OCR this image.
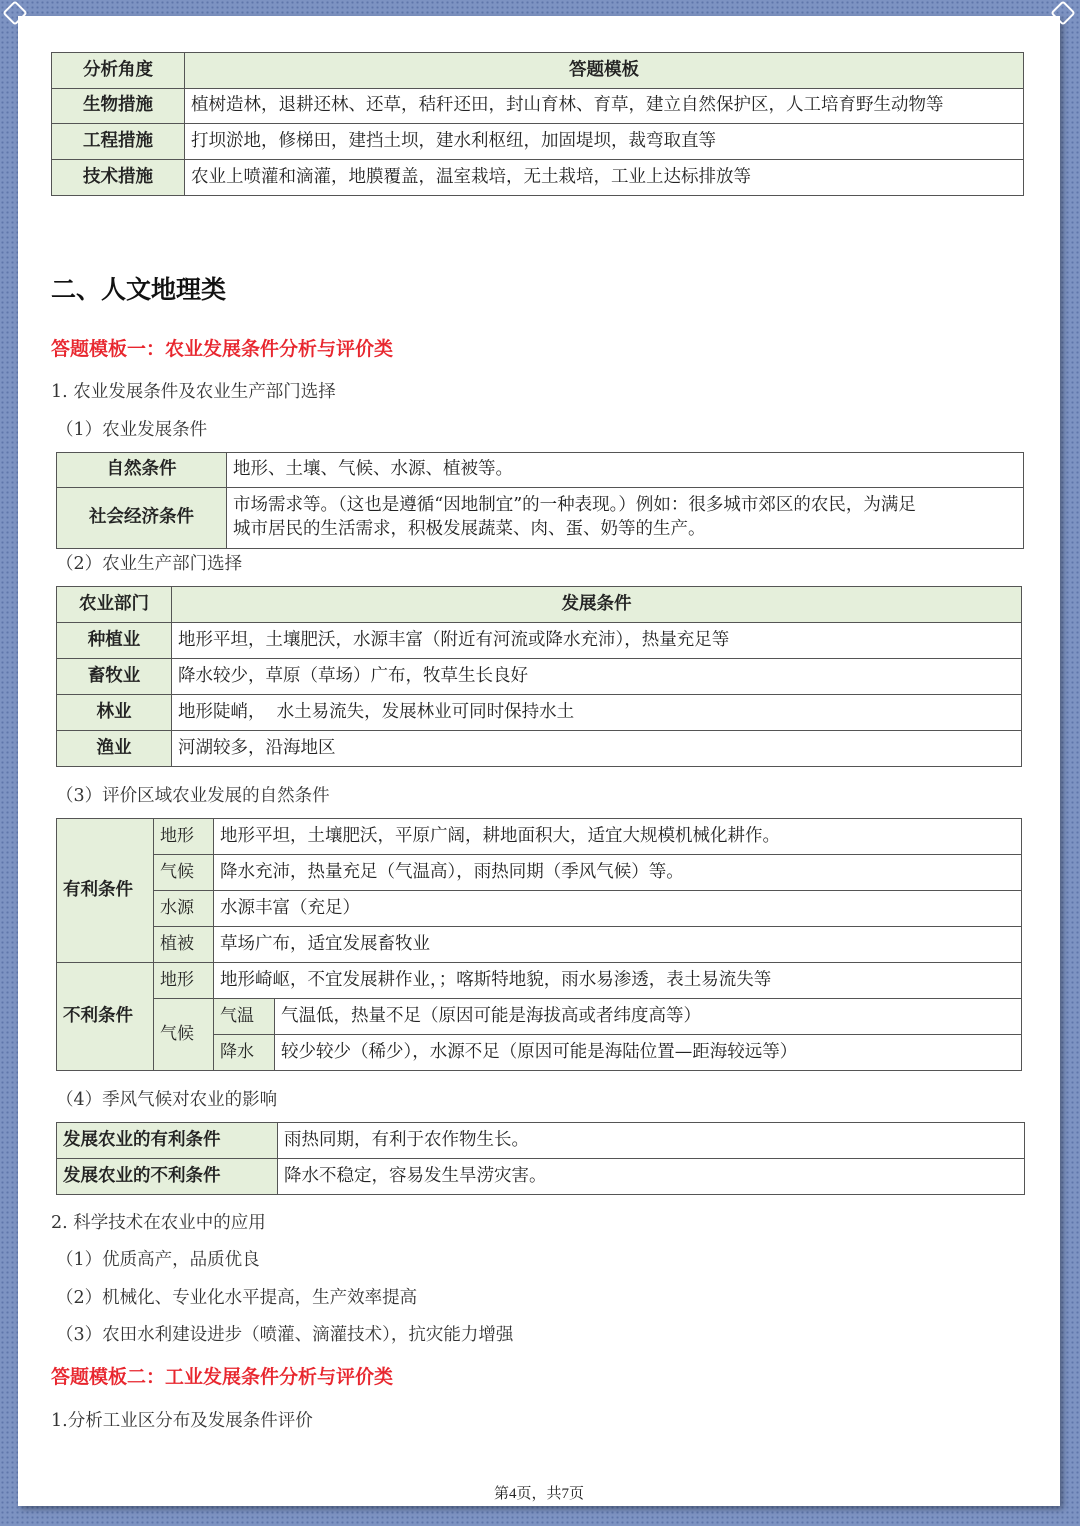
分析角度	答题模板
生物措施	植树造林，退耕还林、还草，秸秆还田，封山育林、育草，建立自然保护区，人工培育野生动物等
工程措施	打坝淤地，修梯田，建挡土坝，建水利枢纽，加固堤坝，裁弯取直等
技术措施	农业上喷灌和滴灌，地膜覆盖，温室栽培，无土栽培，工业上达标排放等
二、人文地理类
答题模板一：农业发展条件分析与评价类
1. 农业发展条件及农业生产部门选择
（1）农业发展条件
自然条件	地形、土壤、气候、水源、植被等。
社会经济条件	市场需求等。（这也是遵循“因地制宜”的一种表现。）例如：很多城市郊区的农民，为满足
城市居民的生活需求，积极发展蔬菜、肉、蛋、奶等的生产。
（2）农业生产部门选择
农业部门	发展条件
种植业	地形平坦，土壤肥沃，水源丰富（附近有河流或降水充沛），热量充足等
畜牧业	降水较少，草原（草场）广布，牧草生长良好
林业	地形陡峭，  水土易流失，发展林业可同时保持水土
渔业	河湖较多，沿海地区
（3）评价区域农业发展的自然条件
有利条件	地形	地形平坦，土壤肥沃，平原广阔，耕地面积大，适宜大规模机械化耕作。	
	气候	降水充沛，热量充足（气温高），雨热同期（季风气候）等。	
	水源	水源丰富（充足）	
	植被	草场广布，适宜发展畜牧业	
不利条件	地形	地形崎岖，不宜发展耕作业，；喀斯特地貌，雨水易渗透，表土易流失等	
	气候	气温	气温低，热量不足（原因可能是海拔高或者纬度高等）
		降水	较少较少（稀少），水源不足（原因可能是海陆位置—距海较远等）
（4）季风气候对农业的影响
发展农业的有利条件	雨热同期，有利于农作物生长。
发展农业的不利条件	降水不稳定，容易发生旱涝灾害。
2. 科学技术在农业中的应用
（1）优质高产，品质优良
（2）机械化、专业化水平提高，生产效率提高
（3）农田水利建设进步（喷灌、滴灌技术），抗灾能力增强
答题模板二：工业发展条件分析与评价类
1.分析工业区分布及发展条件评价
第4页，共7页
